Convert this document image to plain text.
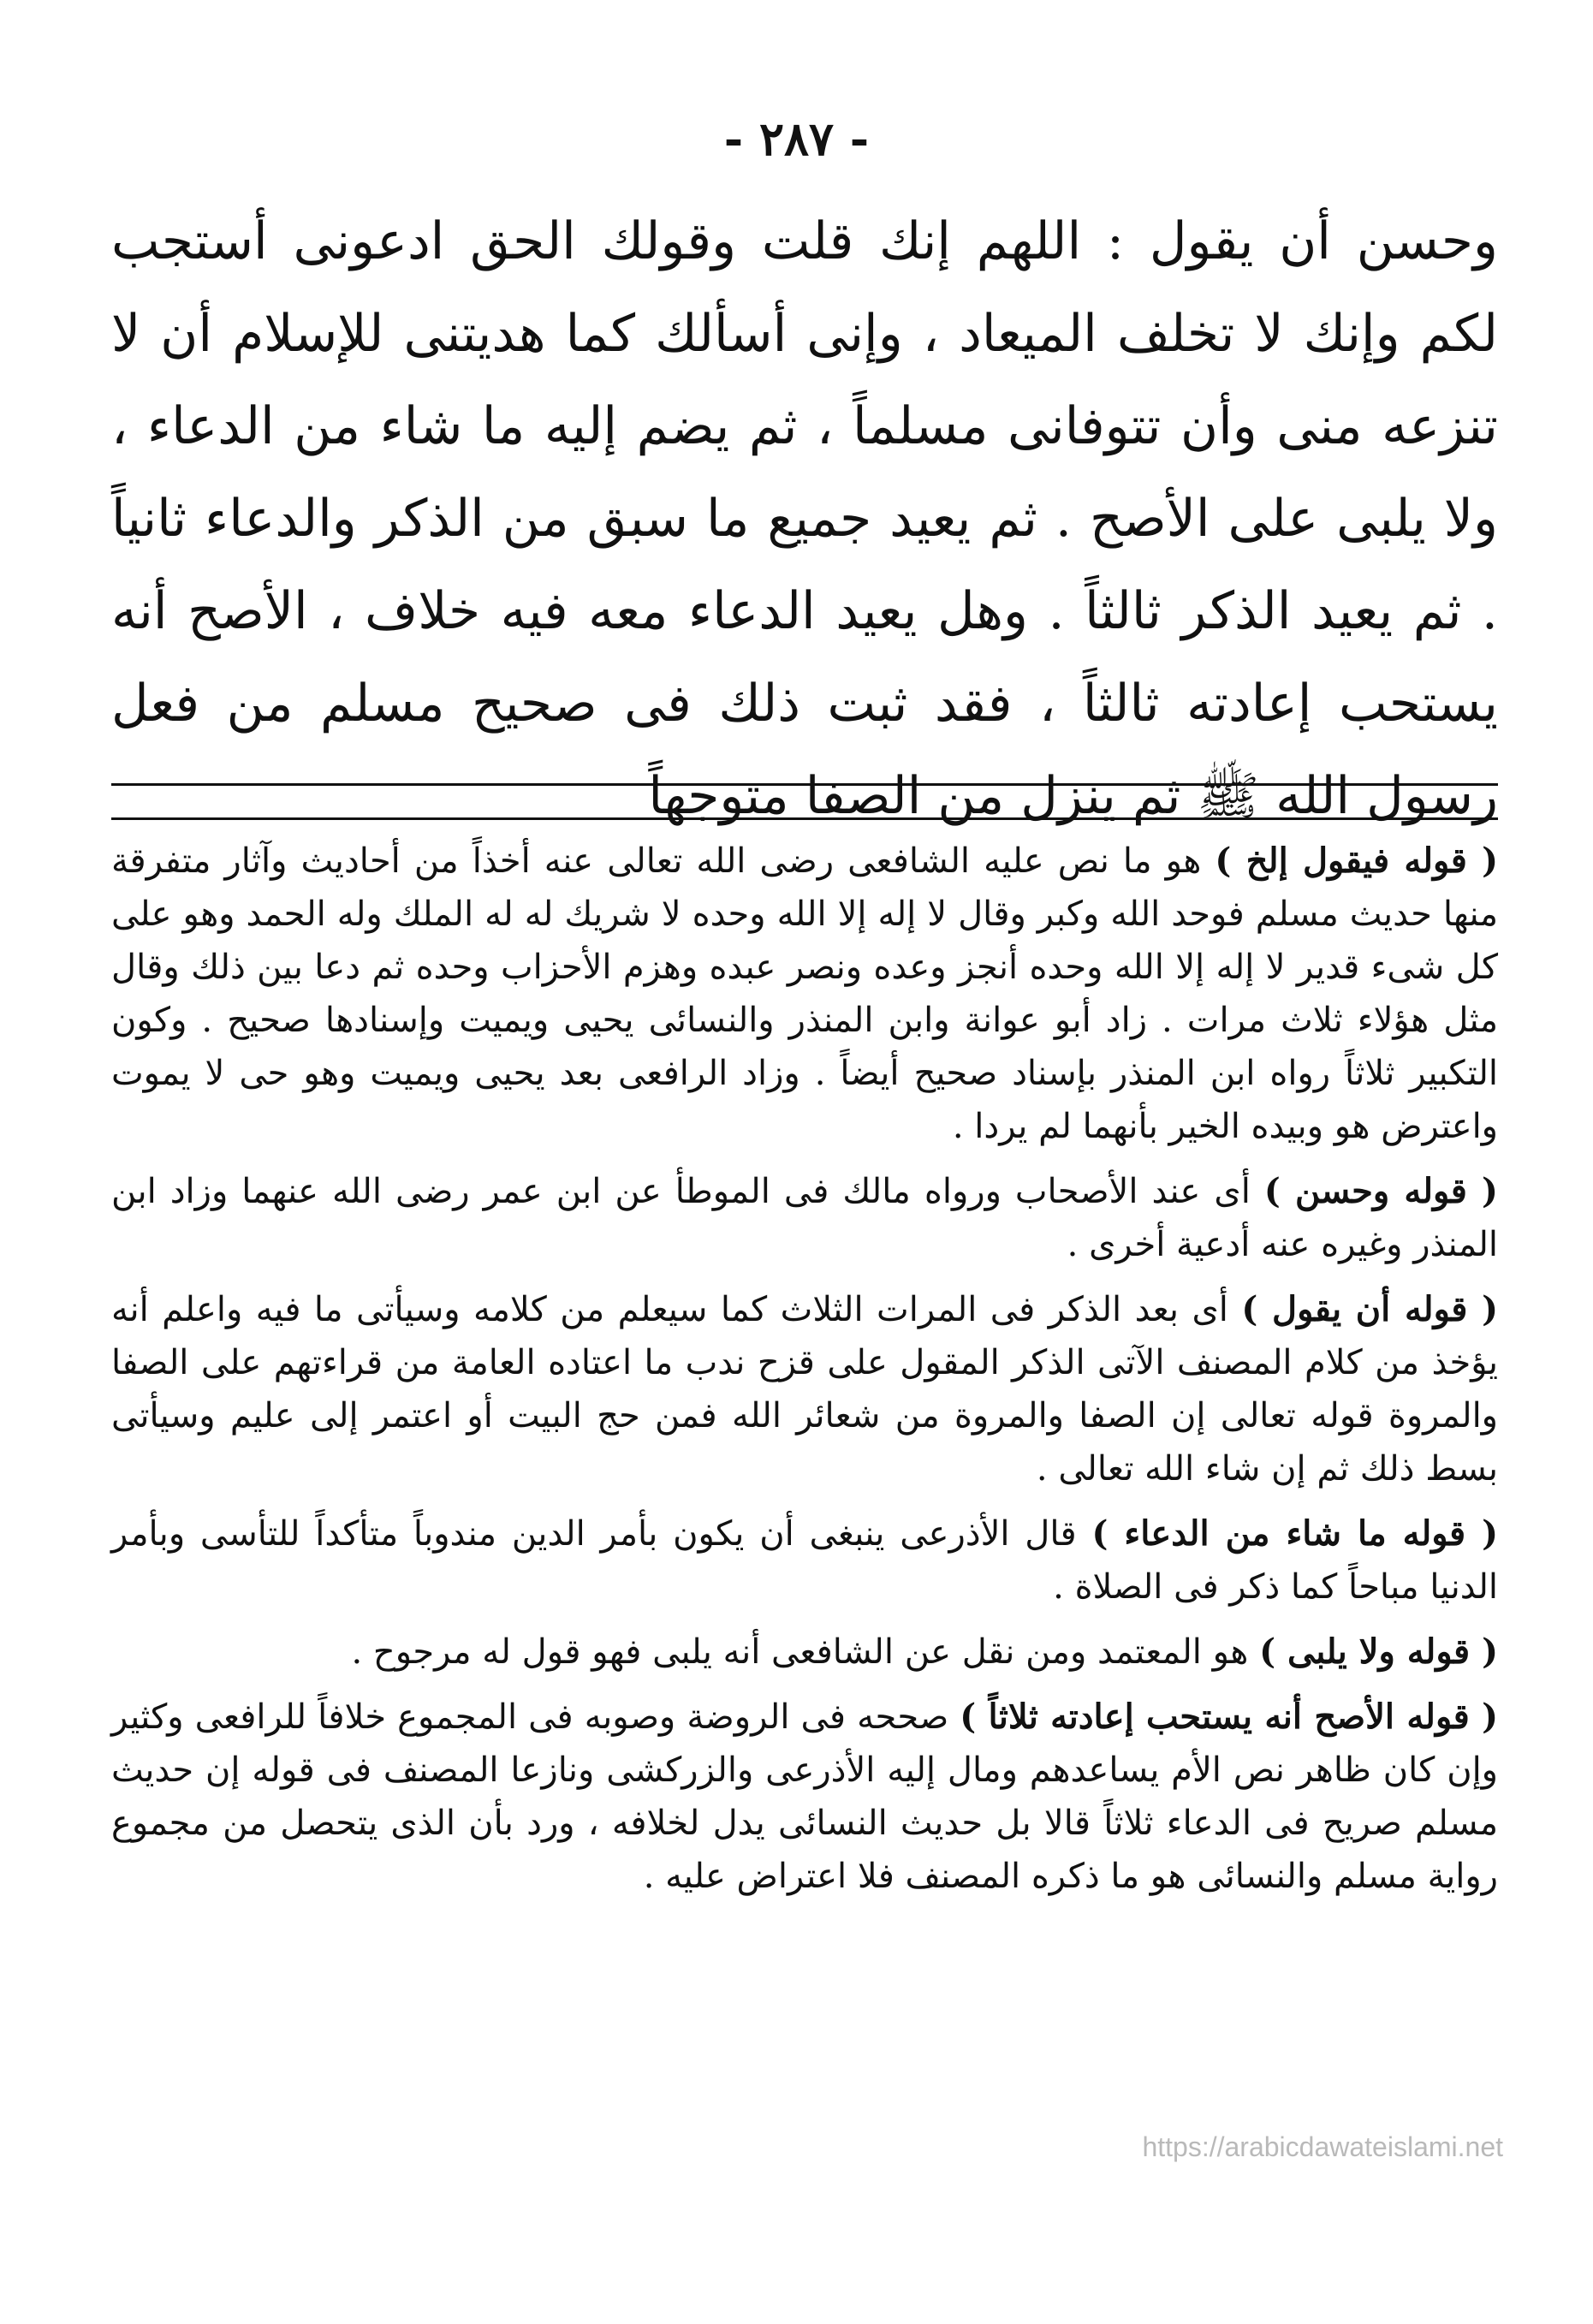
- ٢٨٧ -

وحسن أن يقول : اللهم إنك قلت وقولك الحق ادعونى أستجب لكم وإنك لا تخلف الميعاد ، وإنى أسألك كما هديتنى للإسلام أن لا تنزعه منى وأن تتوفانى مسلماً ، ثم يضم إليه ما شاء من الدعاء ، ولا يلبى على الأصح . ثم يعيد جميع ما سبق من الذكر والدعاء ثانياً . ثم يعيد الذكر ثالثاً . وهل يعيد الدعاء معه فيه خلاف ، الأصح أنه يستحب إعادته ثالثاً ، فقد ثبت ذلك فى صحيح مسلم من فعل رسول الله ﷺ ثم ينزل من الصفا متوجهاً

( قوله فيقول إلخ ) هو ما نص عليه الشافعى رضى الله تعالى عنه أخذاً من أحاديث وآثار متفرقة منها حديث مسلم فوحد الله وكبر وقال لا إله إلا الله وحده لا شريك له له الملك وله الحمد وهو على كل شىء قدير لا إله إلا الله وحده أنجز وعده ونصر عبده وهزم الأحزاب وحده ثم دعا بين ذلك وقال مثل هؤلاء ثلاث مرات . زاد أبو عوانة وابن المنذر والنسائى يحيى ويميت وإسنادها صحيح . وكون التكبير ثلاثاً رواه ابن المنذر بإسناد صحيح أيضاً . وزاد الرافعى بعد يحيى ويميت وهو حى لا يموت واعترض هو وبيده الخير بأنهما لم يردا .

( قوله وحسن ) أى عند الأصحاب ورواه مالك فى الموطأ عن ابن عمر رضى الله عنهما وزاد ابن المنذر وغيره عنه أدعية أخرى .

( قوله أن يقول ) أى بعد الذكر فى المرات الثلاث كما سيعلم من كلامه وسيأتى ما فيه واعلم أنه يؤخذ من كلام المصنف الآتى الذكر المقول على قزح ندب ما اعتاده العامة من قراءتهم على الصفا والمروة قوله تعالى إن الصفا والمروة من شعائر الله فمن حج البيت أو اعتمر إلى عليم وسيأتى بسط ذلك ثم إن شاء الله تعالى .

( قوله ما شاء من الدعاء ) قال الأذرعى ينبغى أن يكون بأمر الدين مندوباً متأكداً للتأسى وبأمر الدنيا مباحاً كما ذكر فى الصلاة .

( قوله ولا يلبى ) هو المعتمد ومن نقل عن الشافعى أنه يلبى فهو قول له مرجوح .

( قوله الأصح أنه يستحب إعادته ثلاثاً ) صححه فى الروضة وصوبه فى المجموع خلافاً للرافعى وكثير وإن كان ظاهر نص الأم يساعدهم ومال إليه الأذرعى والزركشى ونازعا المصنف فى قوله إن حديث مسلم صريح فى الدعاء ثلاثاً قالا بل حديث النسائى يدل لخلافه ، ورد بأن الذى يتحصل من مجموع رواية مسلم والنسائى هو ما ذكره المصنف فلا اعتراض عليه .

https://arabicdawateislami.net
